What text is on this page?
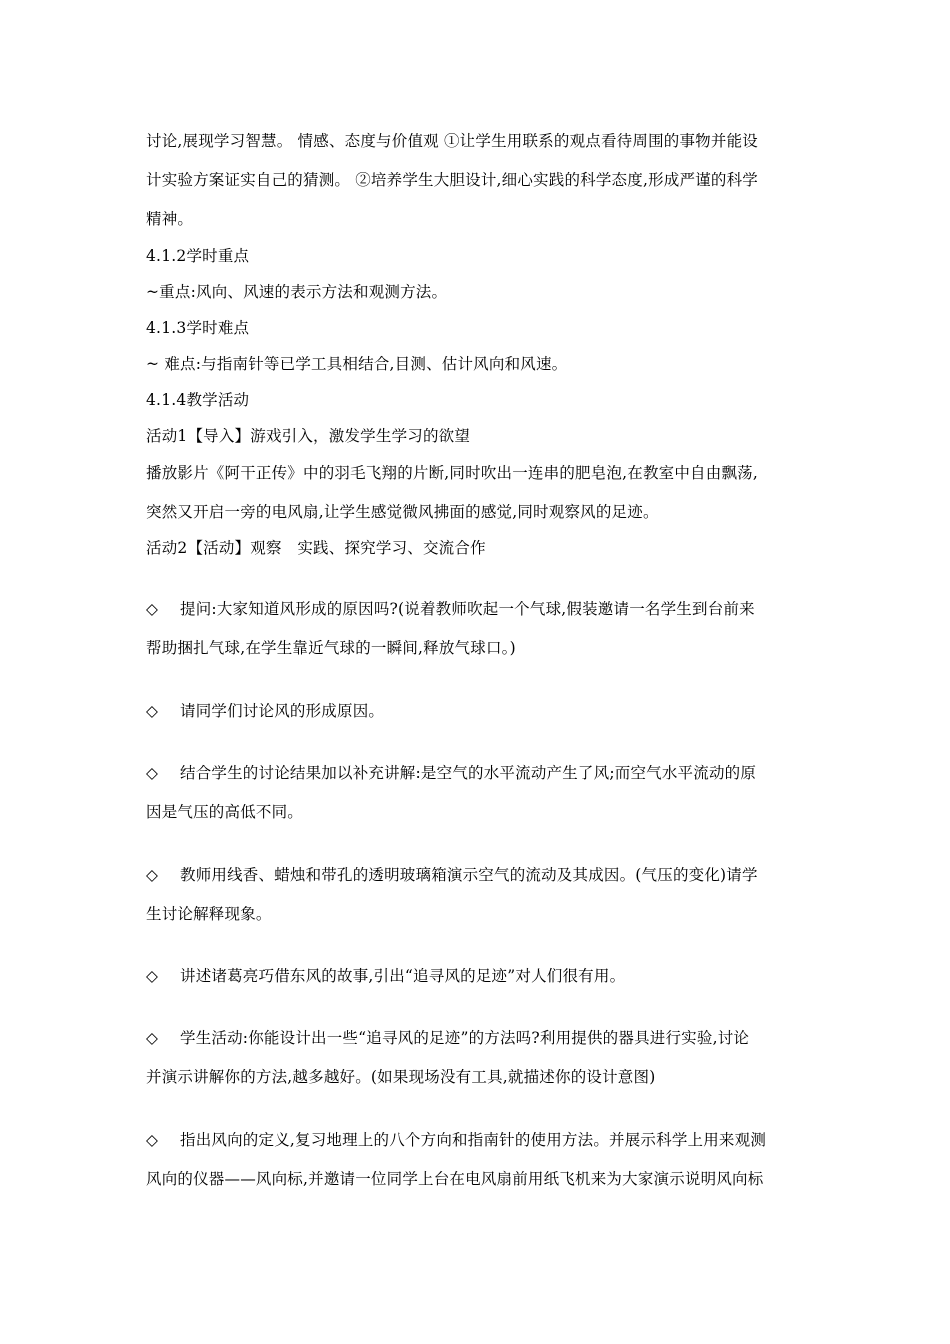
讨论,展现学习智慧。 情感、态度与价值观 ①让学生用联系的观点看待周围的事物并能设
计实验方案证实自己的猜测。 ②培养学生大胆设计,细心实践的科学态度,形成严谨的科学
精神。
4.1.2学时重点
~重点:风向、风速的表示方法和观测方法。
4.1.3学时难点
~ 难点:与指南针等已学工具相结合,目测、估计风向和风速。
4.1.4教学活动
活动1【导入】游戏引入，激发学生学习的欲望
播放影片《阿干正传》中的羽毛飞翔的片断,同时吹出一连串的肥皂泡,在教室中自由飘荡,
突然又开启一旁的电风扇,让学生感觉微风拂面的感觉,同时观察风的足迹。
活动2【活动】观察　实践、探究学习、交流合作
◇ 提问:大家知道风形成的原因吗?(说着教师吹起一个气球,假装邀请一名学生到台前来
帮助捆扎气球,在学生靠近气球的一瞬间,释放气球口。)
◇ 请同学们讨论风的形成原因。
◇ 结合学生的讨论结果加以补充讲解:是空气的水平流动产生了风;而空气水平流动的原
因是气压的高低不同。
◇ 教师用线香、蜡烛和带孔的透明玻璃箱演示空气的流动及其成因。(气压的变化)请学
生讨论解释现象。
◇ 讲述诸葛亮巧借东风的故事,引出“追寻风的足迹”对人们很有用。
◇ 学生活动:你能设计出一些“追寻风的足迹”的方法吗?利用提供的器具进行实验,讨论
并演示讲解你的方法,越多越好。(如果现场没有工具,就描述你的设计意图)
◇ 指出风向的定义,复习地理上的八个方向和指南针的使用方法。并展示科学上用来观测
风向的仪器——风向标,并邀请一位同学上台在电风扇前用纸飞机来为大家演示说明风向标
